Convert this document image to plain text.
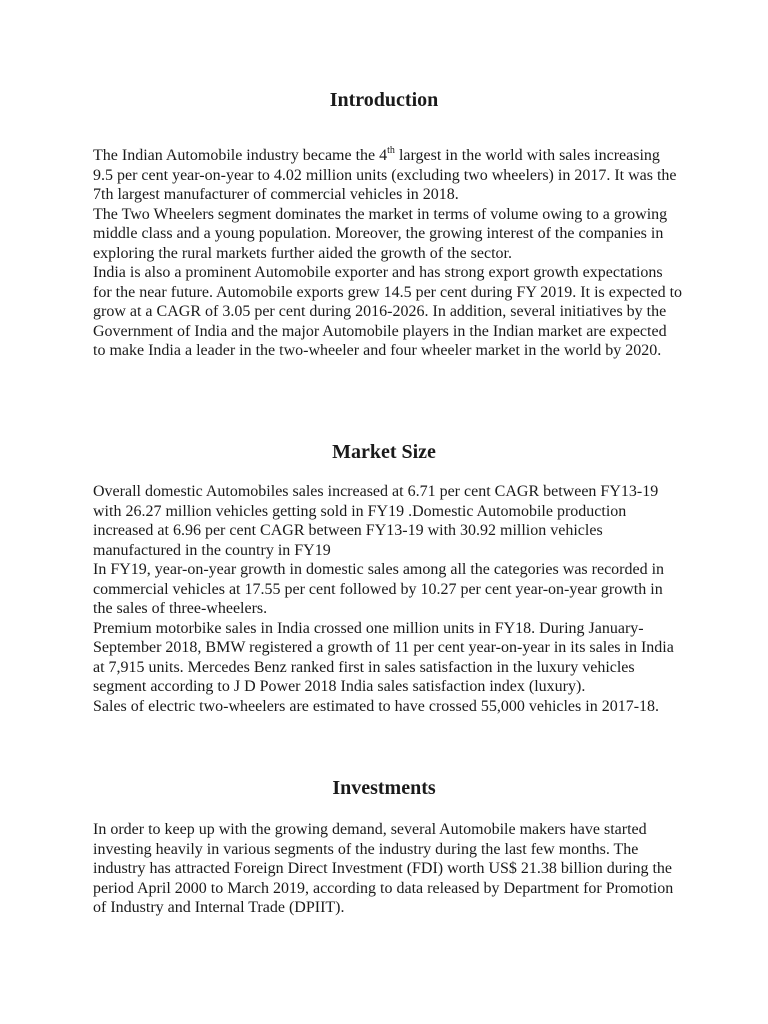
Introduction

The Indian Automobile industry became the 4th largest in the world with sales increasing 9.5 per cent year-on-year to 4.02 million units (excluding two wheelers) in 2017. It was the 7th largest manufacturer of commercial vehicles in 2018.

The Two Wheelers segment dominates the market in terms of volume owing to a growing middle class and a young population. Moreover, the growing interest of the companies in exploring the rural markets further aided the growth of the sector.

India is also a prominent Automobile exporter and has strong export growth expectations for the near future. Automobile exports grew 14.5 per cent during FY 2019. It is expected to grow at a CAGR of 3.05 per cent during 2016-2026. In addition, several initiatives by the Government of India and the major Automobile players in the Indian market are expected to make India a leader in the two-wheeler and four wheeler market in the world by 2020.

Market Size

Overall domestic Automobiles sales increased at 6.71 per cent CAGR between FY13-19 with 26.27 million vehicles getting sold in FY19 .Domestic Automobile production increased at 6.96 per cent CAGR between FY13-19 with 30.92 million vehicles manufactured in the country in FY19

In FY19, year-on-year growth in domestic sales among all the categories was recorded in commercial vehicles at 17.55 per cent followed by 10.27 per cent year-on-year growth in the sales of three-wheelers.

Premium motorbike sales in India crossed one million units in FY18. During January-September 2018, BMW registered a growth of 11 per cent year-on-year in its sales in India at 7,915 units. Mercedes Benz ranked first in sales satisfaction in the luxury vehicles segment according to J D Power 2018 India sales satisfaction index (luxury).

Sales of electric two-wheelers are estimated to have crossed 55,000 vehicles in 2017-18.

Investments

In order to keep up with the growing demand, several Automobile makers have started investing heavily in various segments of the industry during the last few months. The industry has attracted Foreign Direct Investment (FDI) worth US$ 21.38 billion during the period April 2000 to March 2019, according to data released by Department for Promotion of Industry and Internal Trade (DPIIT).
